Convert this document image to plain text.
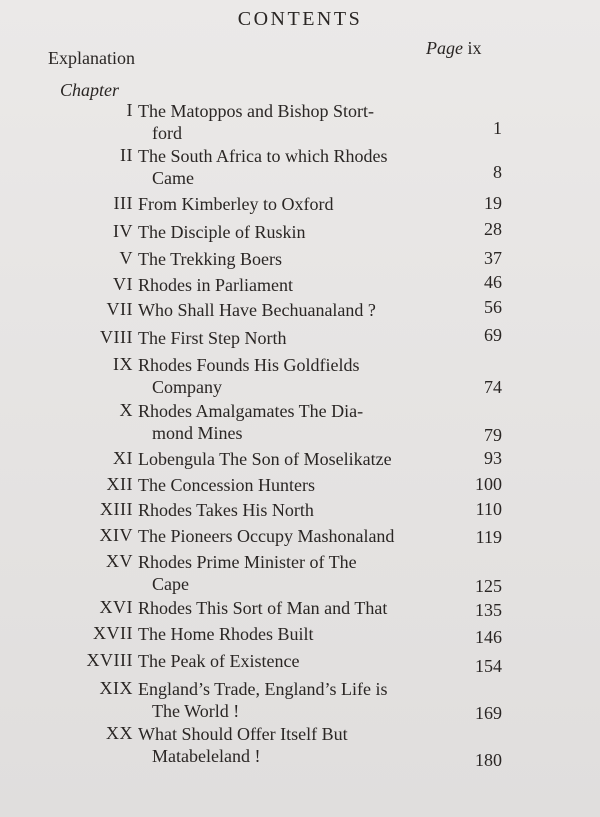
CONTENTS
Explanation	Page ix
Chapter
I The Matoppos and Bishop Stort-
ford	1
II The South Africa to which Rhodes
Came	8
III From Kimberley to Oxford	19
IV The Disciple of Ruskin	28
V The Trekking Boers	37
VI Rhodes in Parliament	46
VII Who Shall Have Bechuanaland ?	56
VIII The First Step North	69
IX Rhodes Founds His Goldfields
Company	74
X Rhodes Amalgamates The Dia-
mond Mines	79
XI Lobengula The Son of Moselikatze	93
XII The Concession Hunters	100
XIII Rhodes Takes His North	110
XIV The Pioneers Occupy Mashonaland	119
XV Rhodes Prime Minister of The
Cape	125
XVI Rhodes This Sort of Man and That	135
XVII The Home Rhodes Built	146
XVIII The Peak of Existence	154
XIX England’s Trade, England’s Life is
The World !	169
XX What Should Offer Itself But
Matabeleland !	180
